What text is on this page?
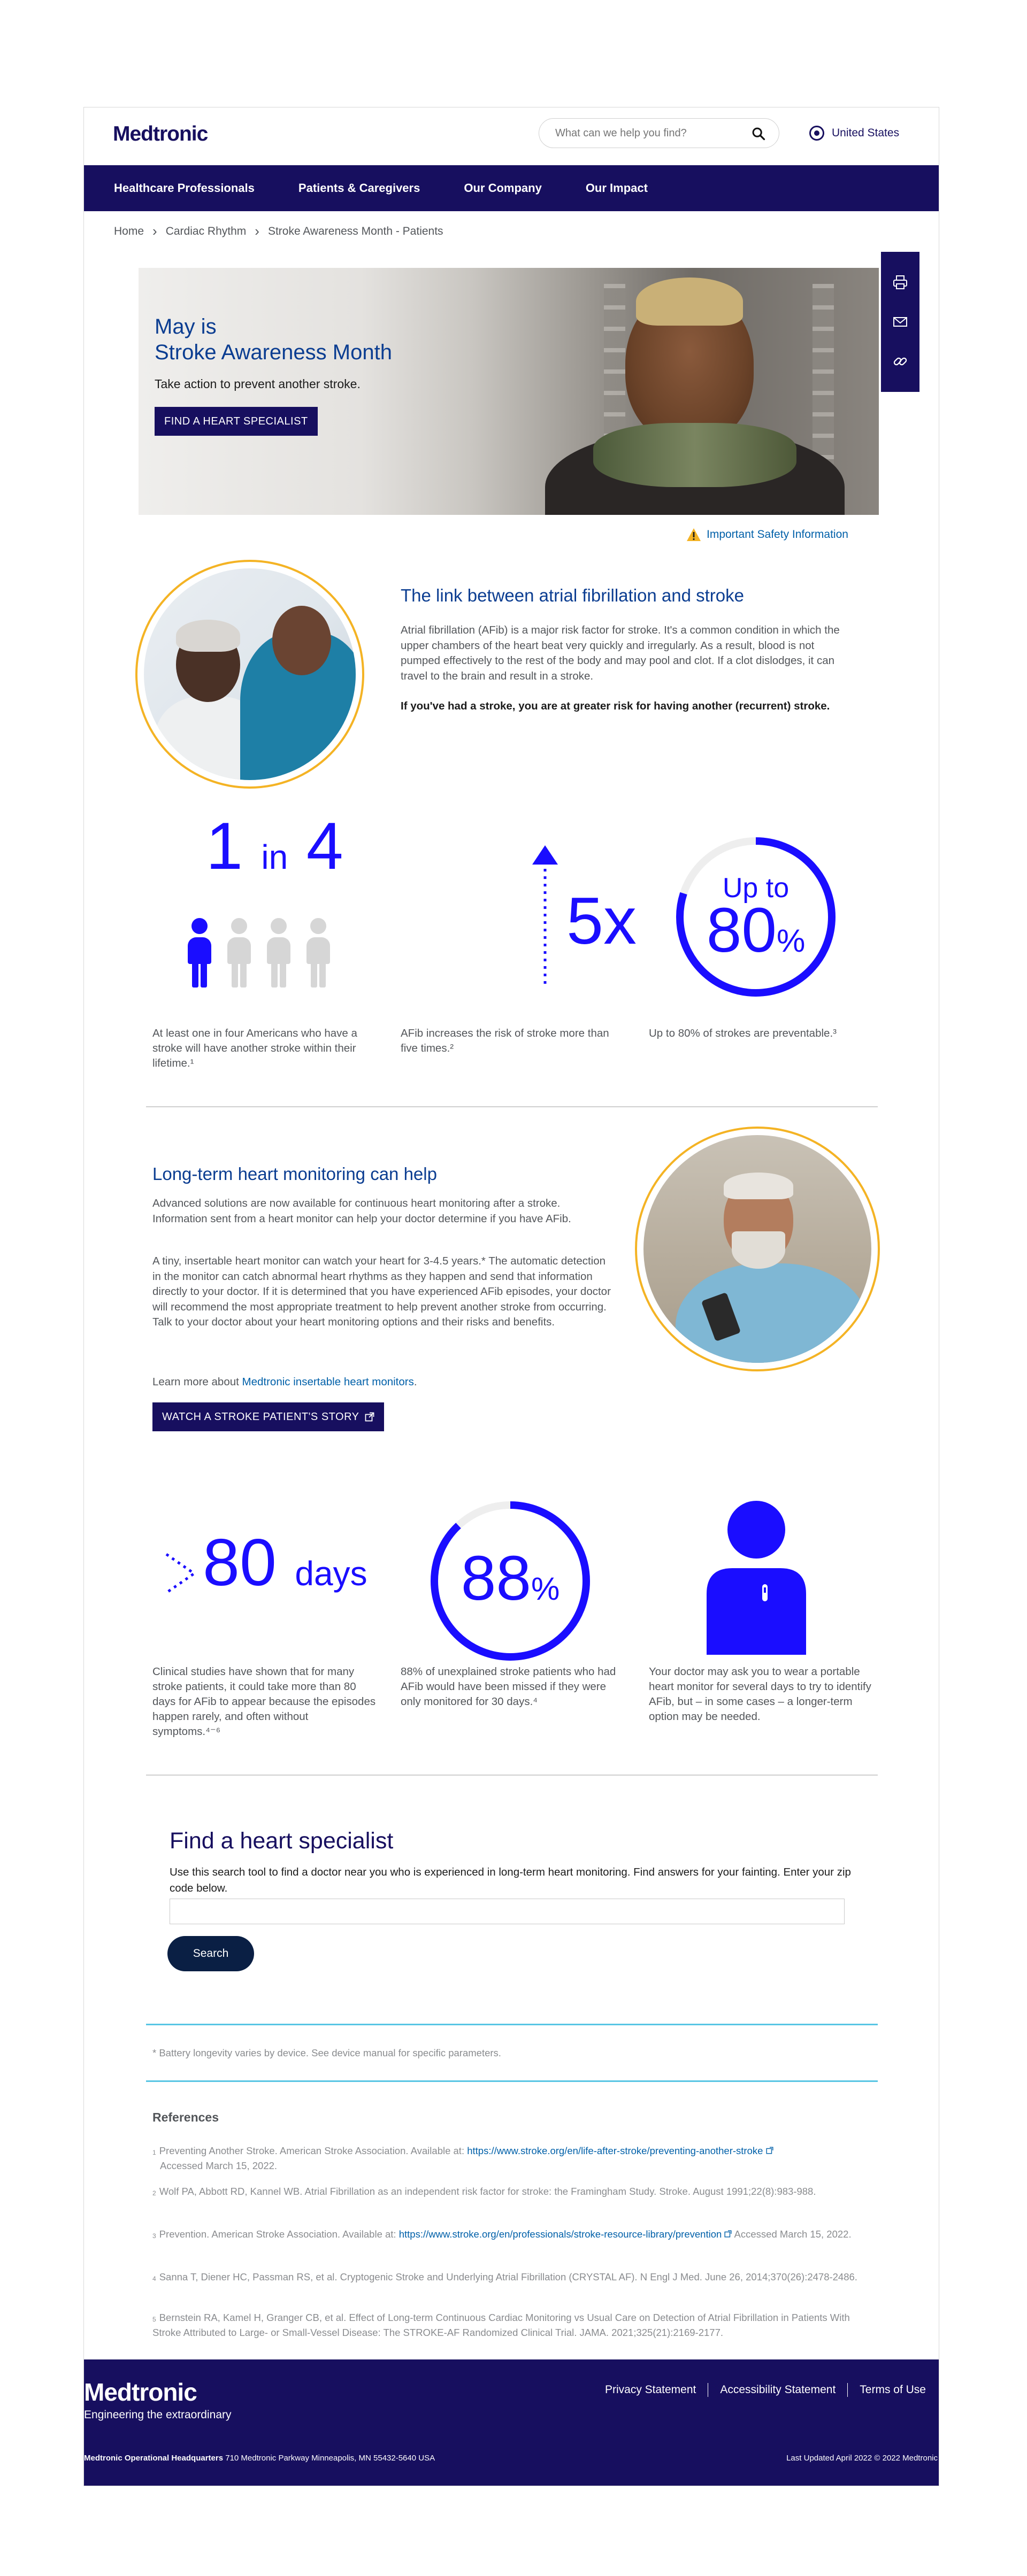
Medtronic
What can we help you find?	United States
Healthcare Professionals	Patients & Caregivers	Our Company	Our Impact
Home › Cardiac Rhythm › Stroke Awareness Month - Patients
May is
Stroke Awareness Month
Take action to prevent another stroke.
FIND A HEART SPECIALIST
Important Safety Information
The link between atrial fibrillation and stroke
Atrial fibrillation (AFib) is a major risk factor for stroke. It's a common condition in which the upper chambers of the heart beat very quickly and irregularly. As a result, blood is not pumped effectively to the rest of the body and may pool and clot. If a clot dislodges, it can travel to the brain and result in a stroke.
If you've had a stroke, you are at greater risk for having another (recurrent) stroke.
1 in 4
5x	Up to
80%
At least one in four Americans who have a stroke will have another stroke within their lifetime.¹
AFib increases the risk of stroke more than five times.²
Up to 80% of strokes are preventable.³
Long-term heart monitoring can help
Advanced solutions are now available for continuous heart monitoring after a stroke. Information sent from a heart monitor can help your doctor determine if you have AFib.
A tiny, insertable heart monitor can watch your heart for 3-4.5 years.* The automatic detection in the monitor can catch abnormal heart rhythms as they happen and send that information directly to your doctor. If it is determined that you have experienced AFib episodes, your doctor will recommend the most appropriate treatment to help prevent another stroke from occurring. Talk to your doctor about your heart monitoring options and their risks and benefits.
Learn more about Medtronic insertable heart monitors.
WATCH A STROKE PATIENT'S STORY
80 days	88%
Clinical studies have shown that for many stroke patients, it could take more than 80 days for AFib to appear because the episodes happen rarely, and often without symptoms.⁴⁻⁶
88% of unexplained stroke patients who had AFib would have been missed if they were only monitored for 30 days.⁴
Your doctor may ask you to wear a portable heart monitor for several days to try to identify AFib, but – in some cases – a longer-term option may be needed.
Find a heart specialist
Use this search tool to find a doctor near you who is experienced in long-term heart monitoring. Find answers for your fainting. Enter your zip code below.
Search
* Battery longevity varies by device. See device manual for specific parameters.
References
$^1$ Preventing Another Stroke. American Stroke Association. Available at: https://www.stroke.org/en/life-after-stroke/preventing-another-stroke
Accessed March 15, 2022.
$^2$ Wolf PA, Abbott RD, Kannel WB. Atrial Fibrillation as an independent risk factor for stroke: the Framingham Study. Stroke. August 1991;22(8):983-988.
$^3$ Prevention. American Stroke Association. Available at: https://www.stroke.org/en/professionals/stroke-resource-library/prevention Accessed March 15, 2022.
$^4$ Sanna T, Diener HC, Passman RS, et al. Cryptogenic Stroke and Underlying Atrial Fibrillation (CRYSTAL AF). N Engl J Med. June 26, 2014;370(26):2478-2486.
$^5$ Bernstein RA, Kamel H, Granger CB, et al. Effect of Long-term Continuous Cardiac Monitoring vs Usual Care on Detection of Atrial Fibrillation in Patients With Stroke Attributed to Large- or Small-Vessel Disease: The STROKE-AF Randomized Clinical Trial. JAMA. 2021;325(21):2169-2177.
Medtronic
Engineering the extraordinary
Privacy Statement Accessibility Statement Terms of Use
Medtronic Operational Headquarters 710 Medtronic Parkway Minneapolis, MN 55432-5640 USA	Last Updated April 2022 © 2022 Medtronic
